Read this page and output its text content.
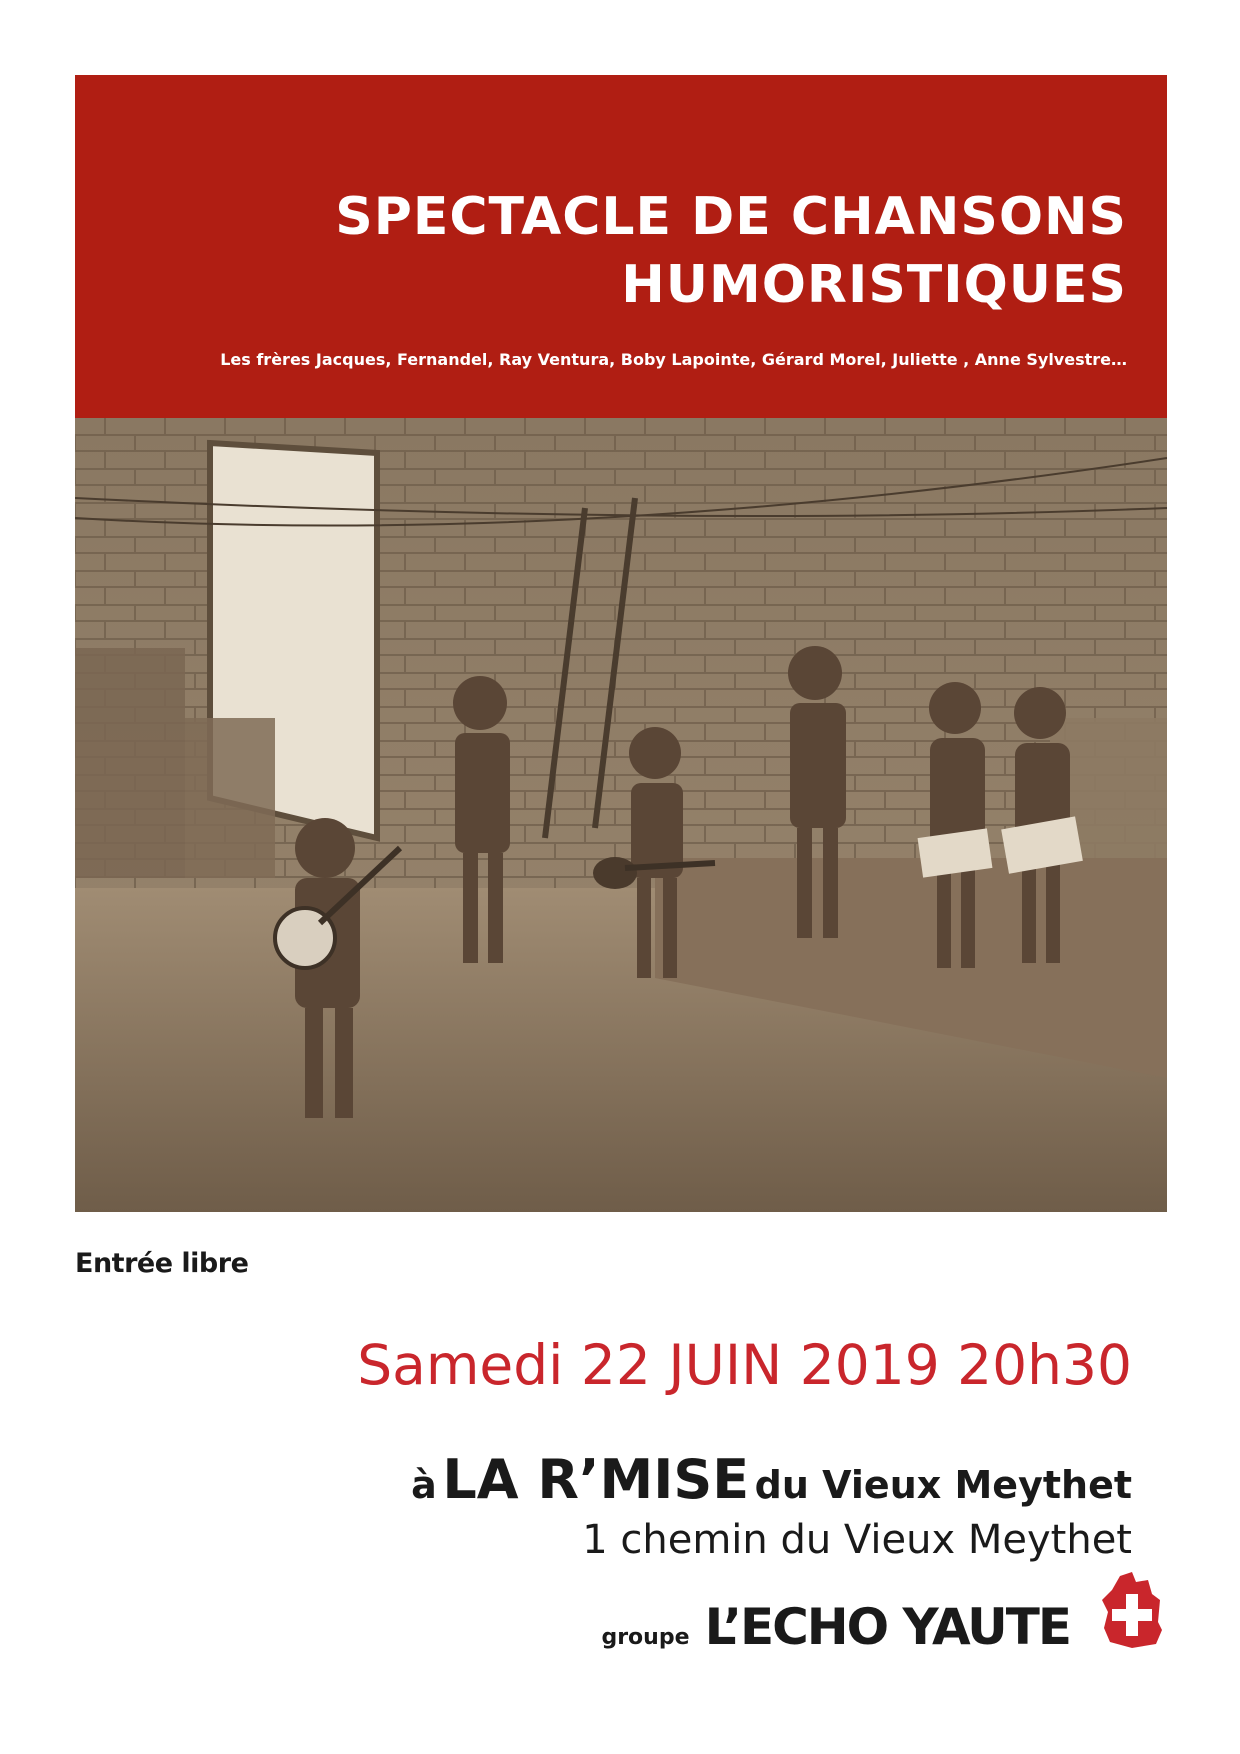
SPECTACLE DE CHANSONS
HUMORISTIQUES
Les frères Jacques, Fernandel, Ray Ventura, Boby Lapointe, Gérard Morel, Juliette , Anne Sylvestre…
Entrée libre
Samedi 22 JUIN 2019 20h30
à LA R’MISE du Vieux Meythet
1 chemin du Vieux Meythet
groupe L’ECHO YAUTE
